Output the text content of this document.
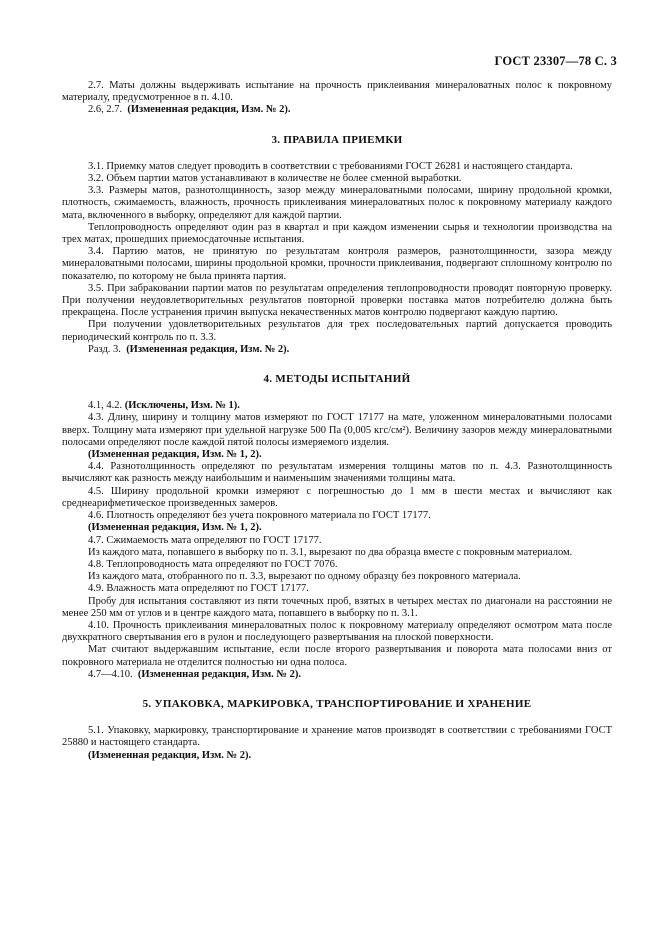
ГОСТ 23307—78 С. 3

2.7. Маты должны выдерживать испытание на прочность приклеивания минераловатных полос к покровному материалу, предусмотренное в п. 4.10.

2.6, 2.7. (Измененная редакция, Изм. № 2).

3. ПРАВИЛА ПРИЕМКИ

3.1. Приемку матов следует проводить в соответствии с требованиями ГОСТ 26281 и настоящего стандарта.

3.2. Объем партии матов устанавливают в количестве не более сменной выработки.

3.3. Размеры матов, разнотолщинность, зазор между минераловатными полосами, ширину продольной кромки, плотность, сжимаемость, влажность, прочность приклеивания минераловатных полос к покровному материалу каждого мата, включенного в выборку, определяют для каждой партии.

Теплопроводность определяют один раз в квартал и при каждом изменении сырья и технологии производства на трех матах, прошедших приемосдаточные испытания.

3.4. Партию матов, не принятую по результатам контроля размеров, разнотолщинности, зазора между минераловатными полосами, ширины продольной кромки, прочности приклеивания, подвергают сплошному контролю по показателю, по которому не была принята партия.

3.5. При забраковании партии матов по результатам определения теплопроводности проводят повторную проверку. При получении неудовлетворительных результатов повторной проверки поставка матов потребителю должна быть прекращена. После устранения причин выпуска некачественных матов контролю подвергают каждую партию.

При получении удовлетворительных результатов для трех последовательных партий допускается проводить периодический контроль по п. 3.3.

Разд. 3. (Измененная редакция, Изм. № 2).

4. МЕТОДЫ ИСПЫТАНИЙ

4.1, 4.2. (Исключены, Изм. № 1).

4.3. Длину, ширину и толщину матов измеряют по ГОСТ 17177 на мате, уложенном минераловатными полосами вверх. Толщину мата измеряют при удельной нагрузке 500 Па (0,005 кгс/см²). Величину зазоров между минераловатными полосами определяют после каждой пятой полосы измеряемого изделия.

(Измененная редакция, Изм. № 1, 2).

4.4. Разнотолщинность определяют по результатам измерения толщины матов по п. 4.3. Разнотолщинность вычисляют как разность между наибольшим и наименьшим значениями толщины мата.

4.5. Ширину продольной кромки измеряют с погрешностью до 1 мм в шести местах и вычисляют как среднеарифметическое произведенных замеров.

4.6. Плотность определяют без учета покровного материала по ГОСТ 17177.

(Измененная редакция, Изм. № 1, 2).

4.7. Сжимаемость мата определяют по ГОСТ 17177.

Из каждого мата, попавшего в выборку по п. 3.1, вырезают по два образца вместе с покровным материалом.

4.8. Теплопроводность мата определяют по ГОСТ 7076.

Из каждого мата, отобранного по п. 3.3, вырезают по одному образцу без покровного материала.

4.9. Влажность мата определяют по ГОСТ 17177.

Пробу для испытания составляют из пяти точечных проб, взятых в четырех местах по диагонали на расстоянии не менее 250 мм от углов и в центре каждого мата, попавшего в выборку по п. 3.1.

4.10. Прочность приклеивания минераловатных полос к покровному материалу определяют осмотром мата после двухкратного свертывания его в рулон и последующего развертывания на плоской поверхности.

Мат считают выдержавшим испытание, если после второго развертывания и поворота мата полосами вниз от покровного материала не отделится полностью ни одна полоса.

4.7—4.10. (Измененная редакция, Изм. № 2).

5. УПАКОВКА, МАРКИРОВКА, ТРАНСПОРТИРОВАНИЕ И ХРАНЕНИЕ

5.1. Упаковку, маркировку, транспортирование и хранение матов производят в соответствии с требованиями ГОСТ 25880 и настоящего стандарта.

(Измененная редакция, Изм. № 2).
